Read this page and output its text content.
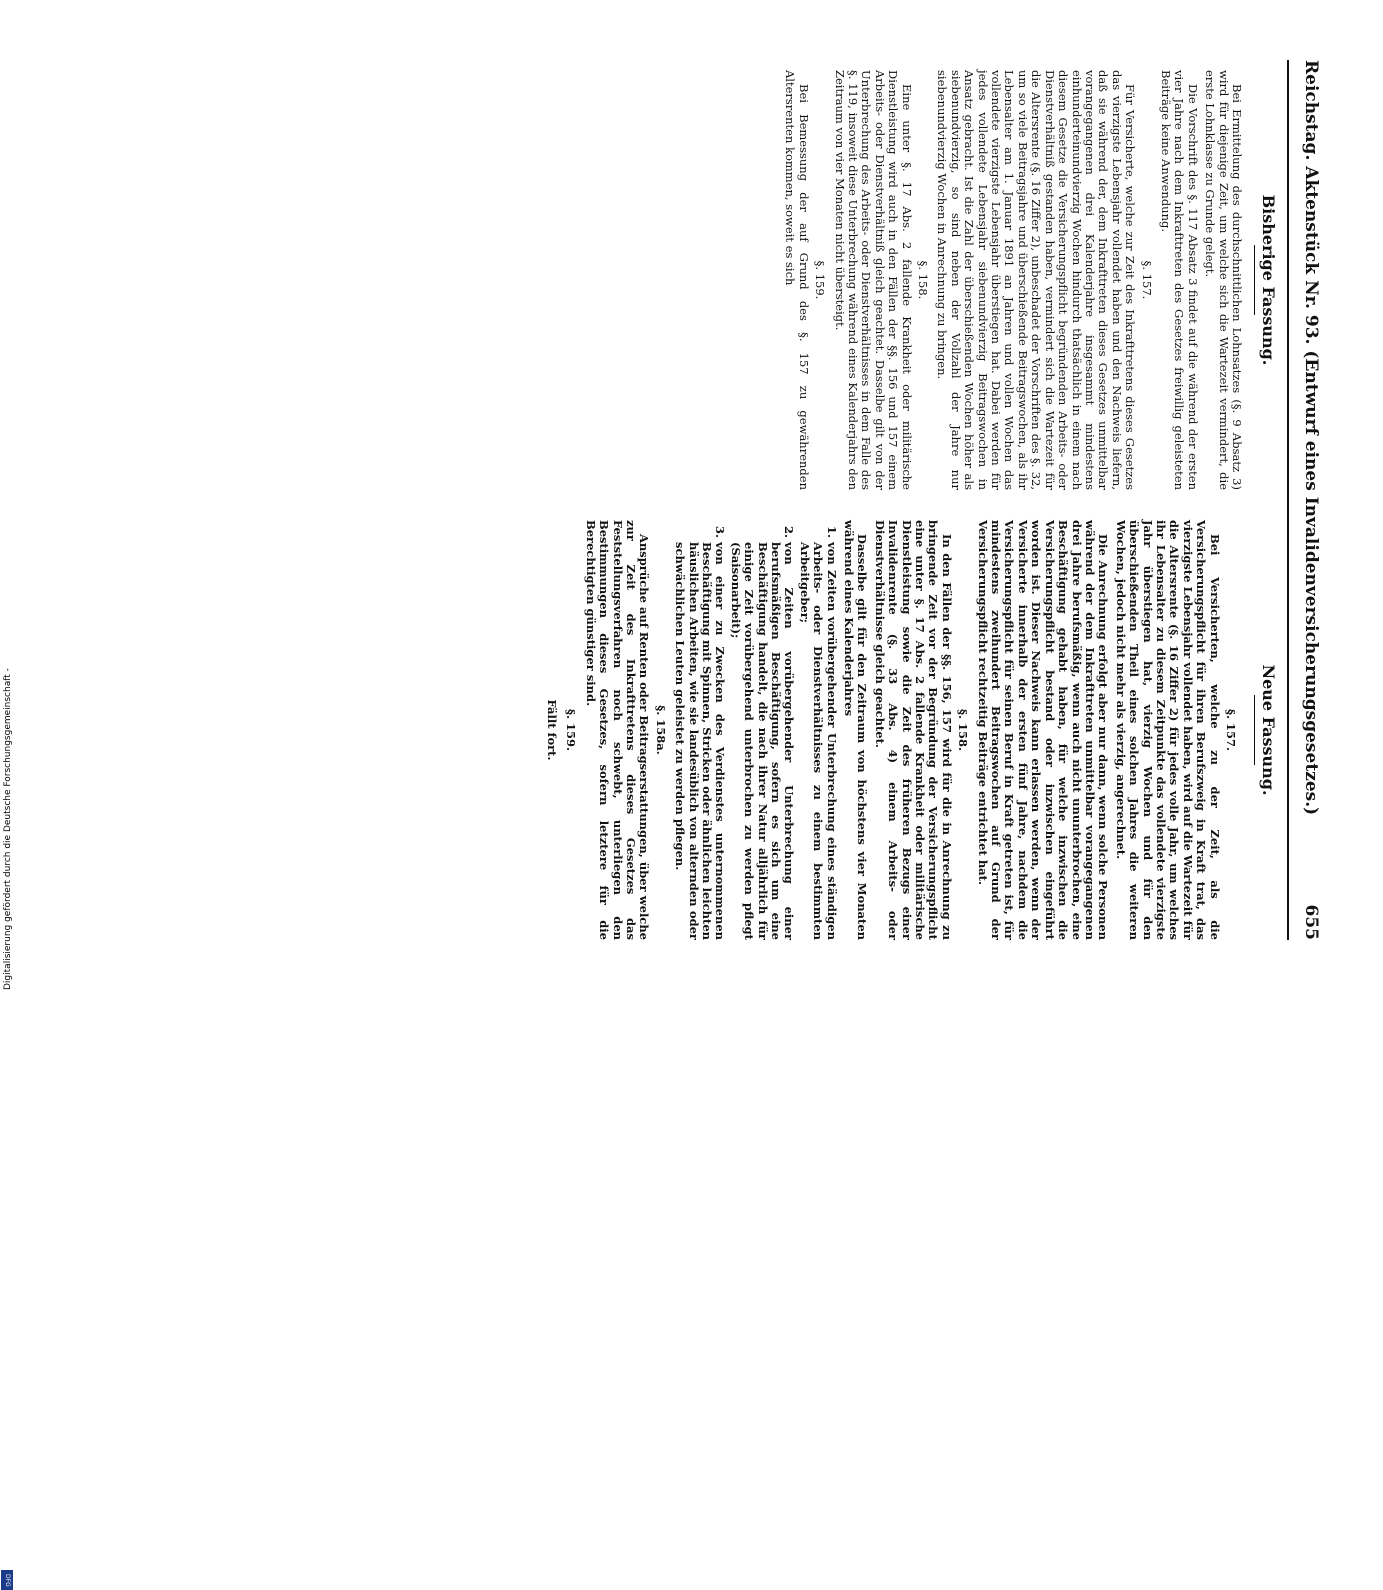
Reichstag. Aktenstück Nr. 93. (Entwurf eines Invalidenversicherungsgesetzes.)
655
Bisherige Fassung.
Neue Fassung.

Bei Ermittelung des durchschnittlichen Lohnsatzes (§. 9 Absatz 3) wird für diejenige Zeit, um welche sich die Wartezeit vermindert, die erste Lohnklasse zu Grunde gelegt.

Die Vorschrift des §. 117 Absatz 3 findet auf die während der ersten vier Jahre nach dem Inkrafttreten des Gesetzes freiwillig geleisteten Beiträge keine Anwendung.

§. 157.

Für Versicherte, welche zur Zeit des Inkrafttretens dieses Gesetzes das vierzigste Lebensjahr vollendet haben und den Nachweis liefern, daß sie während der, dem Inkrafttreten dieses Gesetzes unmittelbar vorangegangenen drei Kalenderjahre insgesammt mindestens einhunderteinundvierzig Wochen hindurch thatsächlich in einem nach diesem Gesetze die Versicherungspflicht begründenden Arbeits- oder Dienstverhältniß gestanden haben, vermindert sich die Wartezeit für die Altersrente (§. 16 Ziffer 2), unbeschadet der Vorschriften des §. 32, um so viele Beitragsjahre und überschießende Beitragswochen, als ihr Lebensalter am 1. Januar 1891 an Jahren und vollen Wochen das vollendete vierzigste Lebensjahr überstiegen hat. Dabei werden für jedes vollendete Lebensjahr siebenundvierzig Beitragswochen in Ansatz gebracht. Ist die Zahl der überschießenden Wochen höher als siebenundvierzig, so sind neben der Vollzahl der Jahre nur siebenundvierzig Wochen in Anrechnung zu bringen.

§. 158.

Eine unter §. 17 Abs. 2 fallende Krankheit oder militärische Dienstleistung wird auch in den Fällen der §§. 156 und 157 einem Arbeits- oder Dienstverhältniß gleich geachtet. Dasselbe gilt von der Unterbrechung des Arbeits- oder Dienstverhältnisses in dem Falle des §. 119, insoweit diese Unterbrechung während eines Kalenderjahrs den Zeitraum von vier Monaten nicht übersteigt.

§. 159.

Bei Bemessung der auf Grund des §. 157 zu gewährenden Altersrenten kommen, soweit es sich

§. 157.

Bei Versicherten, welche zu der Zeit, als die Versicherungspflicht für ihren Berufszweig in Kraft trat, das vierzigste Lebensjahr vollendet haben, wird auf die Wartezeit für die Altersrente (§. 16 Ziffer 2) für jedes volle Jahr, um welches ihr Lebensalter zu diesem Zeitpunkte das vollendete vierzigste Jahr überstiegen hat, vierzig Wochen und für den überschießenden Theil eines solchen Jahres die weiteren Wochen, jedoch nicht mehr als vierzig, angerechnet.

Die Anrechnung erfolgt aber nur dann, wenn solche Personen während der dem Inkrafttreten unmittelbar vorangegangenen drei Jahre berufsmäßig, wenn auch nicht ununterbrochen, eine Beschäftigung gehabt haben, für welche inzwischen die Versicherungspflicht bestand oder inzwischen eingeführt worden ist. Dieser Nachweis kann erlassen werden, wenn der Versicherte innerhalb der ersten fünf Jahre, nachdem die Versicherungspflicht für seinen Beruf in Kraft getreten ist, für mindestens zweihundert Beitragswochen auf Grund der Versicherungspflicht rechtzeitig Beiträge entrichtet hat.

§. 158.

In den Fällen der §§. 156, 157 wird für die in Anrechnung zu bringende Zeit vor der Begründung der Versicherungspflicht eine unter §. 17 Abs. 2 fallende Krankheit oder militärische Dienstleistung sowie die Zeit des früheren Bezugs einer Invalidenrente (§. 33 Abs. 4) einem Arbeits- oder Dienstverhältnisse gleich geachtet.

Dasselbe gilt für den Zeitraum von höchstens vier Monaten während eines Kalenderjahres

1. von Zeiten vorübergehender Unterbrechung eines ständigen Arbeits- oder Dienstverhältnisses zu einem bestimmten Arbeitgeber;
2. von Zeiten vorübergehender Unterbrechung einer berufsmäßigen Beschäftigung, sofern es sich um eine Beschäftigung handelt, die nach ihrer Natur alljährlich für einige Zeit vorübergehend unterbrochen zu werden pflegt (Saisonarbeit);
3. von einer zu Zwecken des Verdienstes unternommenen Beschäftigung mit Spinnen, Stricken oder ähnlichen leichten häuslichen Arbeiten, wie sie landesüblich von alternden oder schwächlichen Leuten geleistet zu werden pflegen.

§. 158a.

Ansprüche auf Renten oder Beitragserstattungen, über welche zur Zeit des Inkrafttretens dieses Gesetzes das Feststellungsverfahren noch schwebt, unterliegen den Bestimmungen dieses Gesetzes, sofern letztere für die Berechtigten günstiger sind.

§. 159.

Fällt fort.

DFG
Digitalisierung gefördert durch die Deutsche Forschungsgemeinschaft -
